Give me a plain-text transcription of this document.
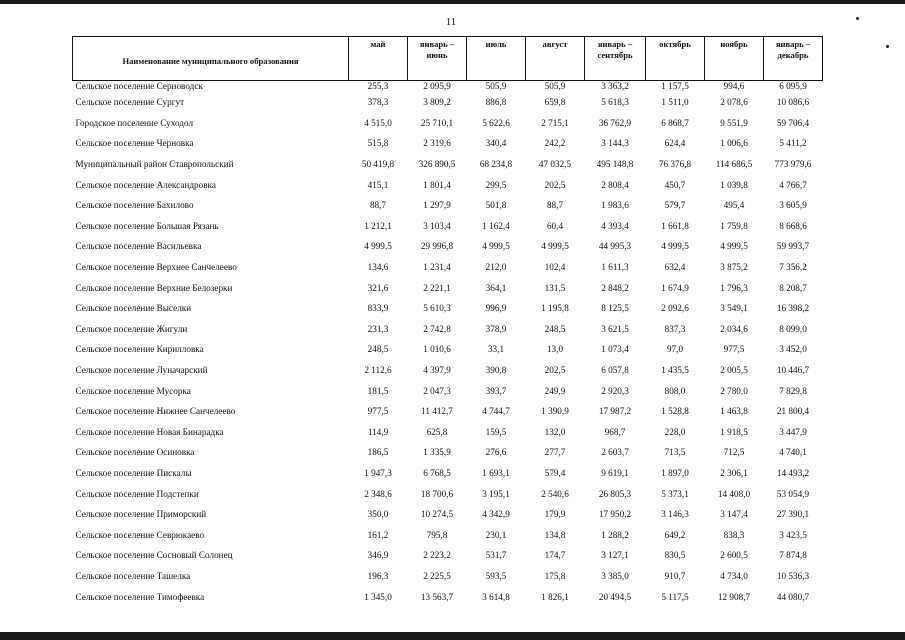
11
Наименование муниципального образования	май	январь – июнь	июль	август	январь – сентябрь	октябрь	ноябрь	январь – декабрь
Сельское поселение Серноводск	255,3	2 095,9	505,9	505,9	3 363,2	1 157,5	994,6	6 095,9
Сельское поселение Сургут	378,3	3 809,2	886,8	659,8	5 618,3	1 511,0	2 078,6	10 086,6
Городское поселение Суходол	4 515,0	25 710,1	5 622,6	2 715,1	36 762,9	6 868,7	9 551,9	59 706,4
Сельское поселение Черновка	515,8	2 319,6	340,4	242,2	3 144,3	624,4	1 006,6	5 411,2
Муниципальный район Ставропольский	50 419,8	326 890,5	68 234,8	47 032,5	495 148,8	76 376,8	114 686,5	773 979,6
Сельское поселение Александровка	415,1	1 801,4	299,5	202,5	2 808,4	450,7	1 039,8	4 766,7
Сельское поселение Бахилово	88,7	1 297,9	501,8	88,7	1 983,6	579,7	495,4	3 605,9
Сельское поселение Большая Рязань	1 212,1	3 103,4	1 162,4	60,4	4 393,4	1 661,8	1 759,8	8 668,6
Сельское поселение Васильевка	4 999,5	29 996,8	4 999,5	4 999,5	44 995,3	4 999,5	4 999,5	59 993,7
Сельское поселение Верхнее Санчелеево	134,6	1 231,4	212,0	102,4	1 611,3	632,4	3 875,2	7 356,2
Сельское поселение Верхние Белозерки	321,6	2 221,1	364,1	131,5	2 848,2	1 674,9	1 796,3	8 208,7
Сельское поселение Выселки	833,9	5 610,3	996,9	1 195,8	8 125,5	2 092,6	3 549,1	16 398,2
Сельское поселение Жигули	231,3	2 742,8	378,9	248,5	3 621,5	837,3	2 034,6	8 099,0
Сельское поселение Кирилловка	248,5	1 010,6	33,1	13,0	1 073,4	97,0	977,5	3 452,0
Сельское поселение Луначарский	2 112,6	4 397,9	390,8	202,5	6 057,8	1 435,5	2 005,5	10 446,7
Сельское поселение Мусорка	181,5	2 047,3	393,7	249,9	2 920,3	808,0	2 780,0	7 829,8
Сельское поселение Нижнее Санчелеево	977,5	11 412,7	4 744,7	1 390,9	17 987,2	1 528,8	1 463,8	21 800,4
Сельское поселение Новая Бинарадка	114,9	625,8	159,5	132,0	968,7	228,0	1 918,5	3 447,9
Сельское поселение Осиновка	186,5	1 335,9	276,6	277,7	2 603,7	713,5	712,5	4 740,1
Сельское поселение Пискалы	1 947,3	6 768,5	1 693,1	579,4	9 619,1	1 897,0	2 306,1	14 493,2
Сельское поселение Подстепки	2 348,6	18 700,6	3 195,1	2 540,6	26 805,3	5 373,1	14 408,0	53 054,9
Сельское поселение Приморский	350,0	10 274,5	4 342,9	179,9	17 950,2	3 146,3	3 147,4	27 390,1
Сельское поселение Севрюкаево	161,2	795,8	230,1	134,8	1 288,2	649,2	838,3	3 423,5
Сельское поселение Сосновый Солонец	346,9	2 223,2	531,7	174,7	3 127,1	830,5	2 600,5	7 874,8
Сельское поселение Ташелка	196,3	2 225,5	593,5	175,8	3 385,0	910,7	4 734,0	10 536,3
Сельское поселение Тимофеевка	1 345,0	13 563,7	3 614,8	1 826,1	20 494,5	5 117,5	12 908,7	44 080,7
